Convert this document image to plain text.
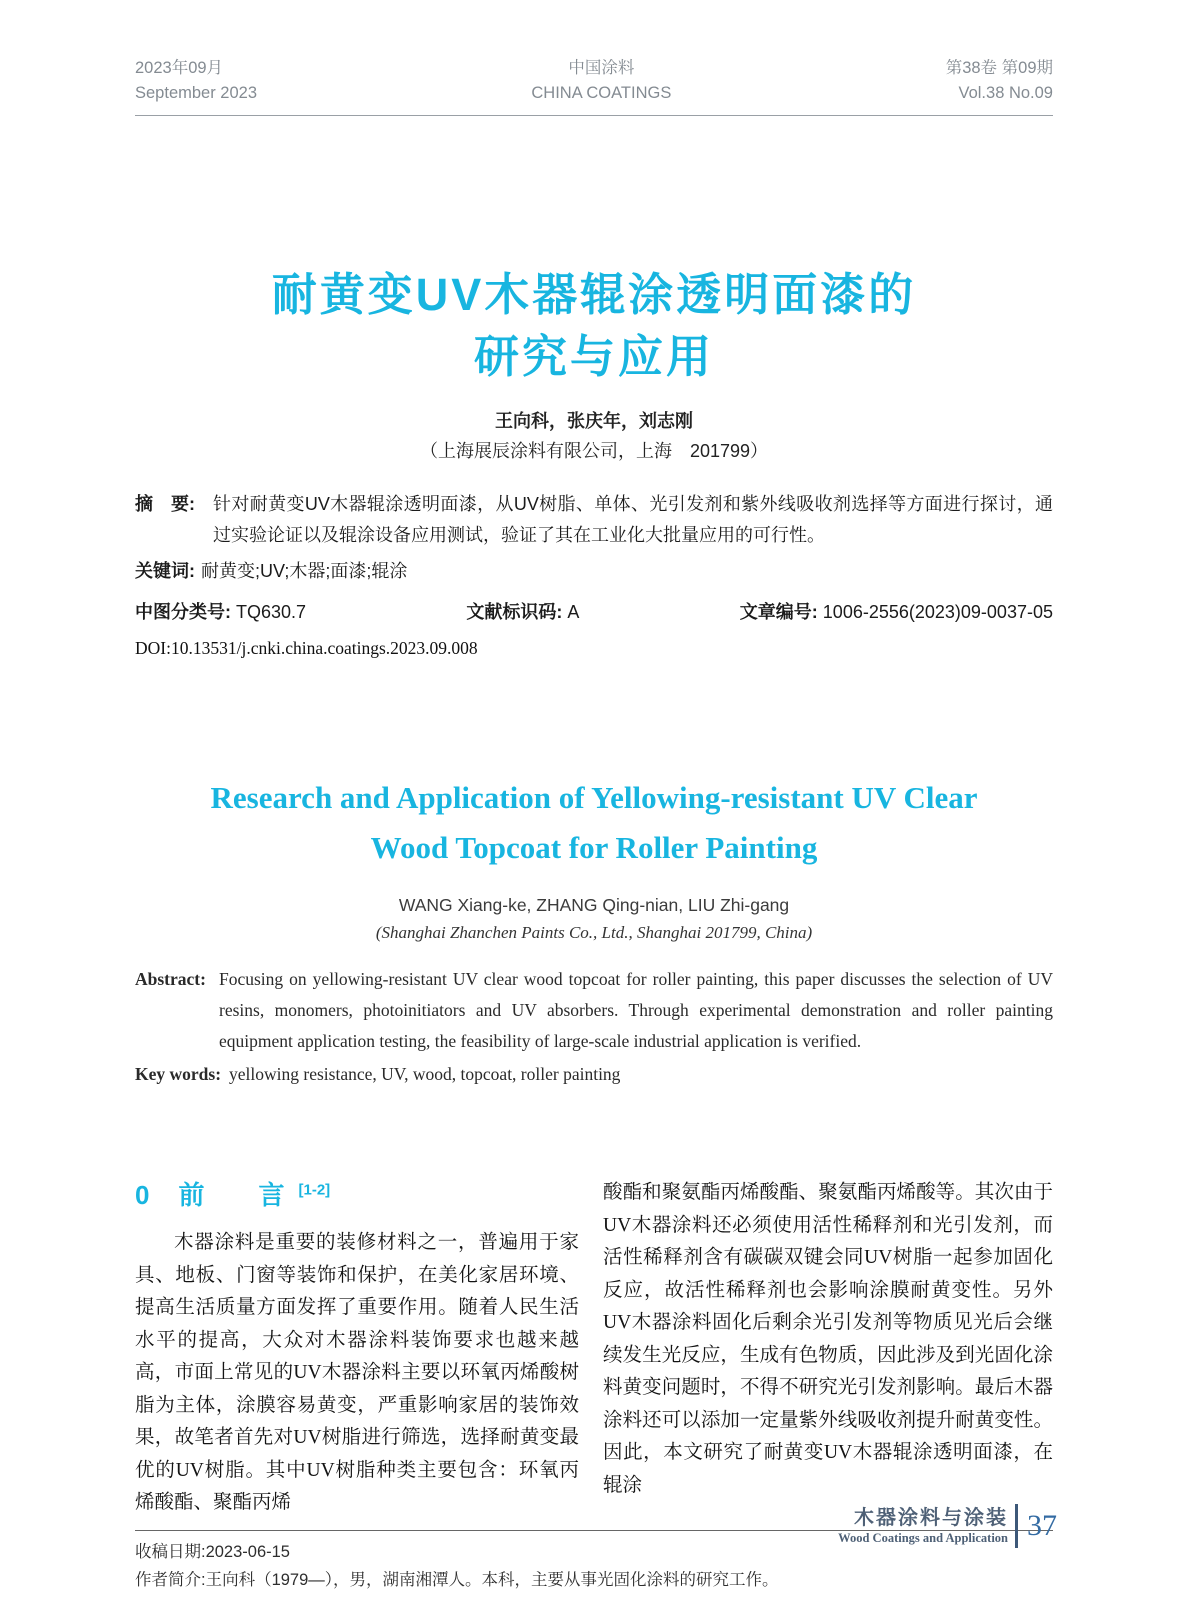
2023年09月
September 2023
中国涂料
CHINA COATINGS
第38卷 第09期
Vol.38 No.09
耐黄变UV木器辊涂透明面漆的
研究与应用
王向科，张庆年，刘志刚
（上海展辰涂料有限公司，上海　201799）
摘　要:	针对耐黄变UV木器辊涂透明面漆，从UV树脂、单体、光引发剂和紫外线吸收剂选择等方面进行探讨，通过实验论证以及辊涂设备应用测试，验证了其在工业化大批量应用的可行性。
关键词: 耐黄变;UV;木器;面漆;辊涂
中图分类号: TQ630.7	文献标识码: A	文章编号: 1006-2556(2023)09-0037-05
DOI:10.13531/j.cnki.china.coatings.2023.09.008
Research and Application of Yellowing-resistant UV Clear
Wood Topcoat for Roller Painting
WANG Xiang-ke, ZHANG Qing-nian, LIU Zhi-gang
(Shanghai Zhanchen Paints Co., Ltd., Shanghai 201799, China)
Abstract: Focusing on yellowing-resistant UV clear wood topcoat for roller painting, this paper discusses the selection of UV resins, monomers, photoinitiators and UV absorbers. Through experimental demonstration and roller painting equipment application testing, the feasibility of large-scale industrial application is verified.
Key words: yellowing resistance, UV, wood, topcoat, roller painting
0 前　言[1-2]

木器涂料是重要的装修材料之一，普遍用于家具、地板、门窗等装饰和保护，在美化家居环境、提高生活质量方面发挥了重要作用。随着人民生活水平的提高，大众对木器涂料装饰要求也越来越高，市面上常见的UV木器涂料主要以环氧丙烯酸树脂为主体，涂膜容易黄变，严重影响家居的装饰效果，故笔者首先对UV树脂进行筛选，选择耐黄变最优的UV树脂。其中UV树脂种类主要包含：环氧丙烯酸酯、聚酯丙烯

酸酯和聚氨酯丙烯酸酯、聚氨酯丙烯酸等。其次由于UV木器涂料还必须使用活性稀释剂和光引发剂，而活性稀释剂含有碳碳双键会同UV树脂一起参加固化反应，故活性稀释剂也会影响涂膜耐黄变性。另外UV木器涂料固化后剩余光引发剂等物质见光后会继续发生光反应，生成有色物质，因此涉及到光固化涂料黄变问题时，不得不研究光引发剂影响。最后木器涂料还可以添加一定量紫外线吸收剂提升耐黄变性。因此，本文研究了耐黄变UV木器辊涂透明面漆，在辊涂

收稿日期:2023-06-15
作者简介:王向科（1979—），男，湖南湘潭人。本科，主要从事光固化涂料的研究工作。
木器涂料与涂装
Wood Coatings and Application 37
